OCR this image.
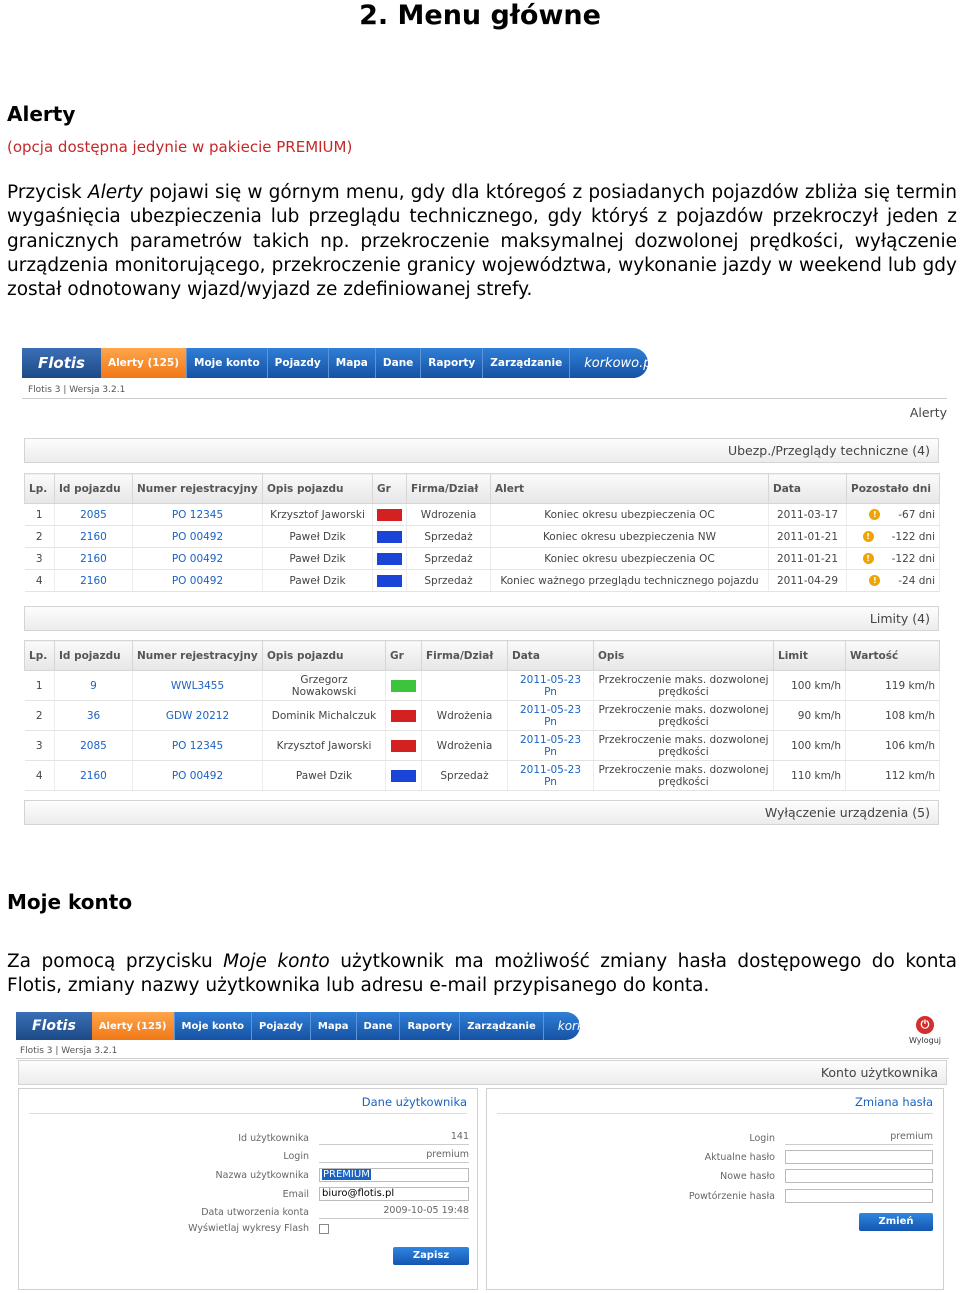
2. Menu główne
Alerty
(opcja dostępna jedynie w pakiecie PREMIUM)

Przycisk Alerty pojawi się w górnym menu, gdy dla któregoś z posiadanych pojazdów zbliża się termin wygaśnięcia ubezpieczenia lub przeglądu technicznego, gdy któryś z pojazdów przekroczył jeden z granicznych parametrów takich np. przekroczenie maksymalnej dozwolonej prędkości, wyłączenie urządzenia monitorującego, przekroczenie granicy województwa, wykonanie jazdy w weekend lub gdy został odnotowany wjazd/wyjazd ze zdefiniowanej strefy.

Flotis	Alerty (125)	Moje konto	Pojazdy	Mapa	Dane	Raporty	Zarządzanie	korkowo.pl
Flotis 3 | Wersja 3.2.1
Alerty
Ubezp./Przeglądy techniczne (4)
Lp.	Id pojazdu	Numer rejestracyjny	Opis pojazdu	Gr	Firma/Dział	Alert	Data	Pozostało dni
1	2085	PO 12345	Krzysztof Jaworski		Wdrozenia	Koniec okresu ubezpieczenia OC	2011-03-17	! -67 dni
2	2160	PO 00492	Paweł Dzik		Sprzedaż	Koniec okresu ubezpieczenia NW	2011-01-21	! -122 dni
3	2160	PO 00492	Paweł Dzik		Sprzedaż	Koniec okresu ubezpieczenia OC	2011-01-21	! -122 dni
4	2160	PO 00492	Paweł Dzik		Sprzedaż	Koniec ważnego przeglądu technicznego pojazdu	2011-04-29	! -24 dni
Limity (4)
Lp.	Id pojazdu	Numer rejestracyjny	Opis pojazdu	Gr	Firma/Dział	Data	Opis	Limit	Wartość
1	9	WWL3455	Grzegorz Nowakowski			2011-05-23 Pn	Przekroczenie maks. dozwolonej prędkości	100 km/h	119 km/h
2	36	GDW 20212	Dominik Michalczuk		Wdrożenia	2011-05-23 Pn	Przekroczenie maks. dozwolonej prędkości	90 km/h	108 km/h
3	2085	PO 12345	Krzysztof Jaworski		Wdrożenia	2011-05-23 Pn	Przekroczenie maks. dozwolonej prędkości	100 km/h	106 km/h
4	2160	PO 00492	Paweł Dzik		Sprzedaż	2011-05-23 Pn	Przekroczenie maks. dozwolonej prędkości	110 km/h	112 km/h
Wyłączenie urządzenia (5)
Moje konto

Za pomocą przycisku Moje konto użytkownik ma możliwość zmiany hasła dostępowego do konta Flotis, zmiany nazwy użytkownika lub adresu e-mail przypisanego do konta.

Flotis	Alerty (125)	Moje konto	Pojazdy	Mapa	Dane	Raporty	Zarządzanie	korkowo.pl	⏻
Wyloguj
Flotis 3 | Wersja 3.2.1
Konto użytkownika
Dane użytkownika
Id użytkownika	141
Login	premium
Nazwa użytkownika	PREMIUM
Email	biuro@flotis.pl
Data utworzenia konta	2009-10-05 19:48
Wyświetlaj wykresy Flash
Zapisz
Zmiana hasła
Login	premium
Aktualne hasło
Nowe hasło
Powtórzenie hasła
Zmień
